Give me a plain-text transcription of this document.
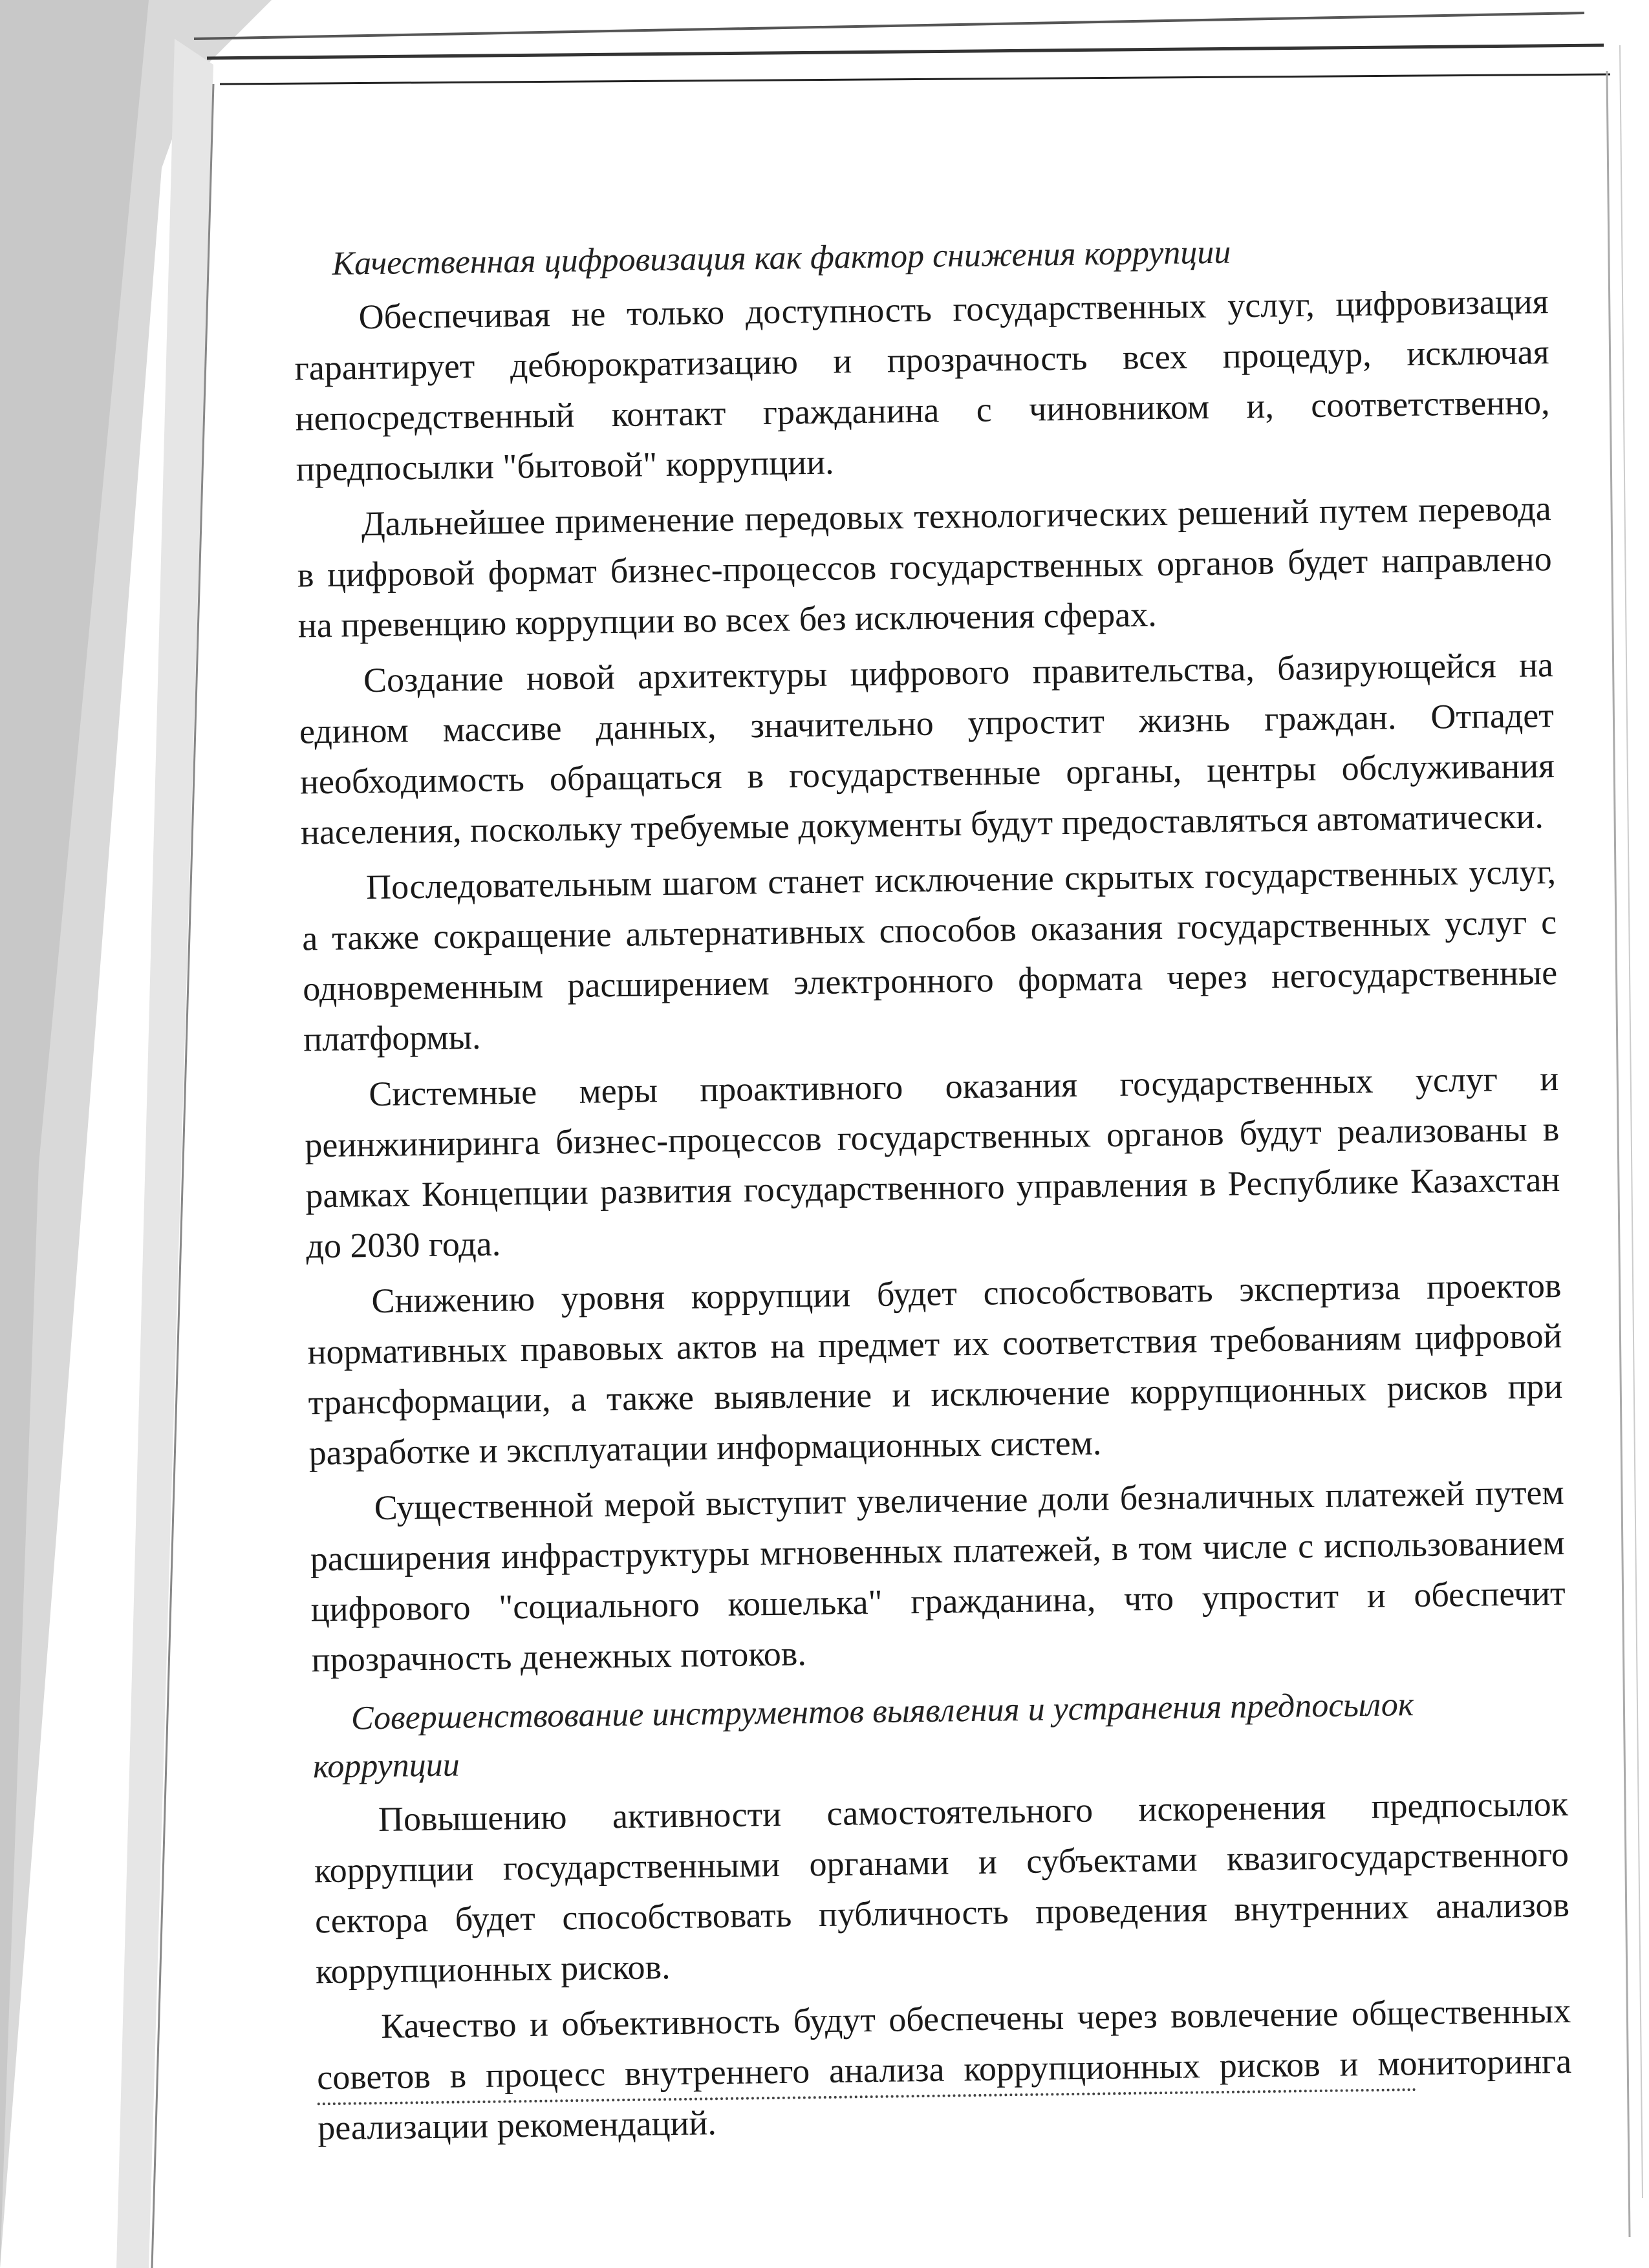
Качественная цифровизация как фактор снижения коррупции

Обеспечивая не только доступность государственных услуг, цифровизация гарантирует дебюрократизацию и прозрачность всех процедур, исключая непосредственный контакт гражданина с чиновником и, соответственно, предпосылки "бытовой" коррупции.

Дальнейшее применение передовых технологических решений путем перевода в цифровой формат бизнес-процессов государственных органов будет направлено на превенцию коррупции во всех без исключения сферах.

Создание новой архитектуры цифрового правительства, базирующейся на едином массиве данных, значительно упростит жизнь граждан. Отпадет необходимость обращаться в государственные органы, центры обслуживания населения, поскольку требуемые документы будут предоставляться автоматически.

Последовательным шагом станет исключение скрытых государственных услуг, а также сокращение альтернативных способов оказания государственных услуг с одновременным расширением электронного формата через негосударственные платформы.

Системные меры проактивного оказания государственных услуг и реинжиниринга бизнес-процессов государственных органов будут реализованы в рамках Концепции развития государственного управления в Республике Казахстан до 2030 года.

Снижению уровня коррупции будет способствовать экспертиза проектов нормативных правовых актов на предмет их соответствия требованиям цифровой трансформации, а также выявление и исключение коррупционных рисков при разработке и эксплуатации информационных систем.

Существенной мерой выступит увеличение доли безналичных платежей путем расширения инфраструктуры мгновенных платежей, в том числе с использованием цифрового "социального кошелька" гражданина, что упростит и обеспечит прозрачность денежных потоков.

Совершенствование инструментов выявления и устранения предпосылок коррупции

Повышению активности самостоятельного искоренения предпосылок коррупции государственными органами и субъектами квазигосударственного сектора будет способствовать публичность проведения внутренних анализов коррупционных рисков.

Качество и объективность будут обеспечены через вовлечение общественных советов в процесс внутреннего анализа коррупционных рисков и мониторинга реализации рекомендаций.
